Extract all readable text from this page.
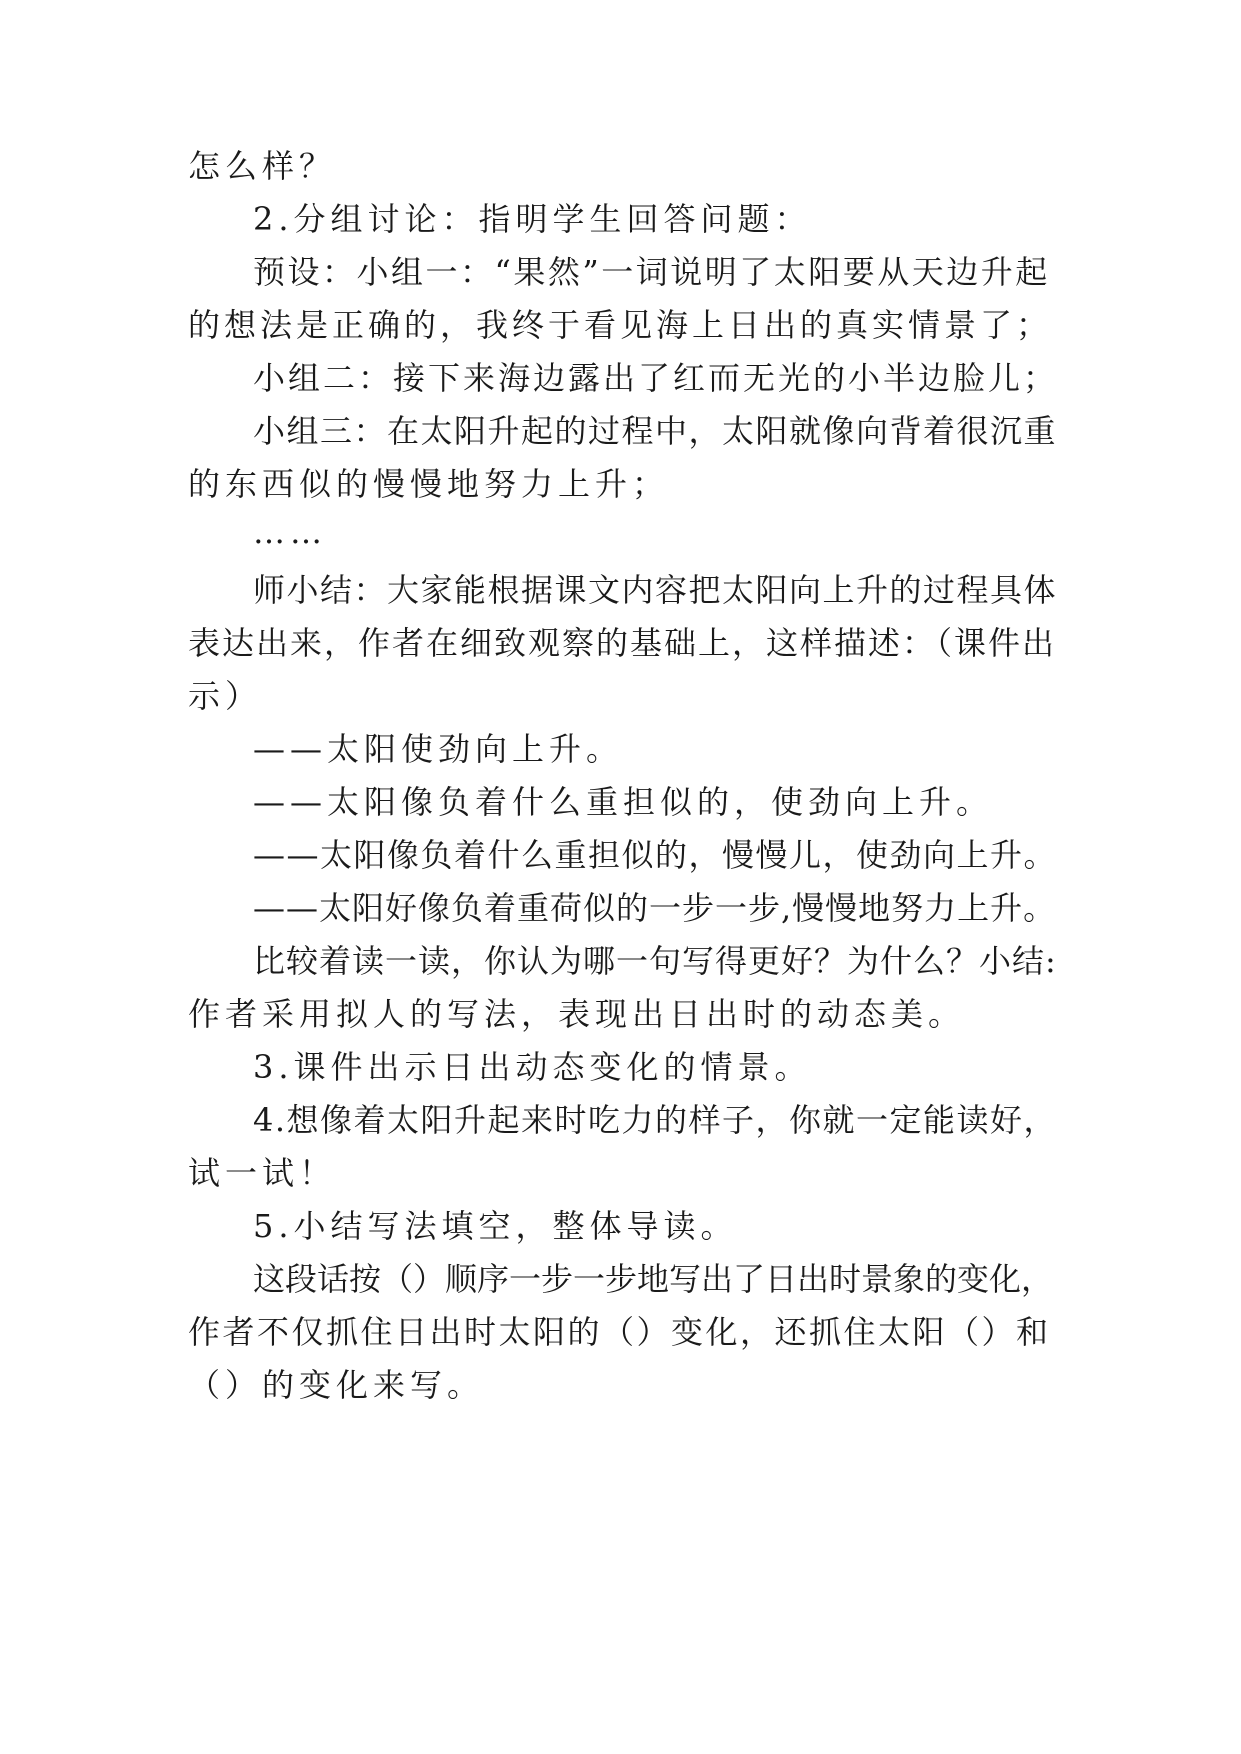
怎么样？

2.分组讨论：指明学生回答问题：

预设：小组一：“果然”一词说明了太阳要从天边升起

的想法是正确的，我终于看见海上日出的真实情景了；

小组二：接下来海边露出了红而无光的小半边脸儿；

小组三：在太阳升起的过程中，太阳就像向背着很沉重

的东西似的慢慢地努力上升；

……

师小结：大家能根据课文内容把太阳向上升的过程具体

表达出来，作者在细致观察的基础上，这样描述：（课件出

示）

——太阳使劲向上升。

——太阳像负着什么重担似的，使劲向上升。

——太阳像负着什么重担似的，慢慢儿，使劲向上升。

——太阳好像负着重荷似的一步一步,慢慢地努力上升。

比较着读一读，你认为哪一句写得更好？为什么？小结:

作者采用拟人的写法，表现出日出时的动态美。

3.课件出示日出动态变化的情景。

4.想像着太阳升起来时吃力的样子，你就一定能读好，

试一试！

5.小结写法填空，整体导读。

这段话按（）顺序一步一步地写出了日出时景象的变化，

作者不仅抓住日出时太阳的（）变化，还抓住太阳（）和

（）的变化来写。
